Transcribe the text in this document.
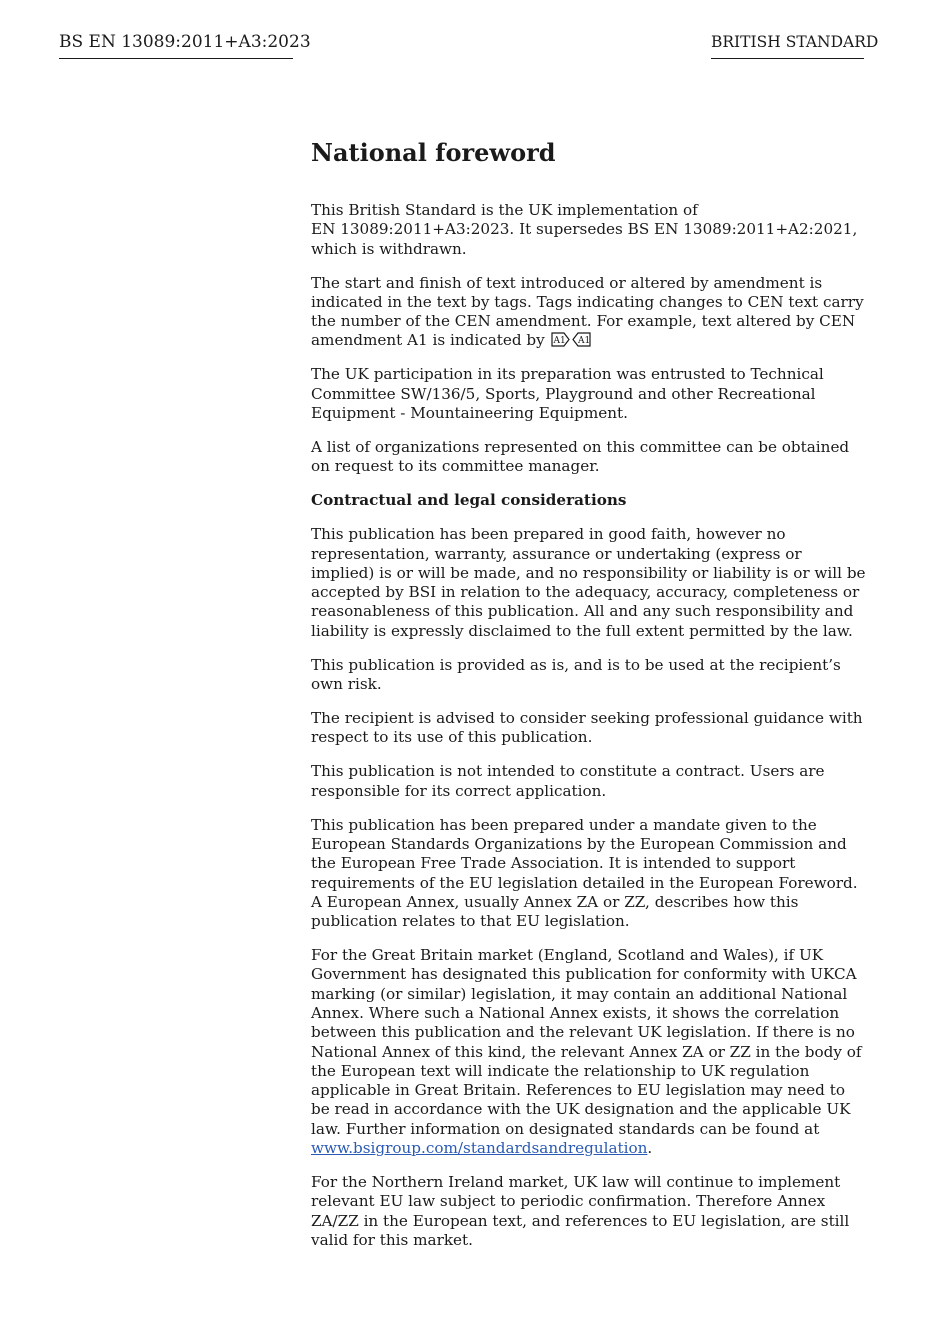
BS EN 13089:2011+A3:2023	BRITISH STANDARD
National foreword

This British Standard is the UK implementation of
EN 13089:2011+A3:2023. It supersedes BS EN 13089:2011+A2:2021, which is withdrawn.

The start and finish of text introduced or altered by amendment is indicated in the text by tags. Tags indicating changes to CEN text carry the number of the CEN amendment. For example, text altered by CEN amendment A1 is indicated by A1 A1

The UK participation in its preparation was entrusted to Technical Committee SW/136/5, Sports, Playground and other Recreational Equipment - Mountaineering Equipment.

A list of organizations represented on this committee can be obtained on request to its committee manager.

Contractual and legal considerations

This publication has been prepared in good faith, however no representation, warranty, assurance or undertaking (express or implied) is or will be made, and no responsibility or liability is or will be accepted by BSI in relation to the adequacy, accuracy, completeness or reasonableness of this publication. All and any such responsibility and liability is expressly disclaimed to the full extent permitted by the law.

This publication is provided as is, and is to be used at the recipient’s own risk.

The recipient is advised to consider seeking professional guidance with respect to its use of this publication.

This publication is not intended to constitute a contract. Users are responsible for its correct application.

This publication has been prepared under a mandate given to the European Standards Organizations by the European Commission and the European Free Trade Association. It is intended to support requirements of the EU legislation detailed in the European Foreword. A European Annex, usually Annex ZA or ZZ, describes how this publication relates to that EU legislation.

For the Great Britain market (England, Scotland and Wales), if UK Government has designated this publication for conformity with UKCA marking (or similar) legislation, it may contain an additional National Annex. Where such a National Annex exists, it shows the correlation between this publication and the relevant UK legislation. If there is no National Annex of this kind, the relevant Annex ZA or ZZ in the body of the European text will indicate the relationship to UK regulation applicable in Great Britain. References to EU legislation may need to be read in accordance with the UK designation and the applicable UK law. Further information on designated standards can be found at
www.bsigroup.com/standardsandregulation.

For the Northern Ireland market, UK law will continue to implement relevant EU law subject to periodic confirmation. Therefore Annex ZA/ZZ in the European text, and references to EU legislation, are still valid for this market.
